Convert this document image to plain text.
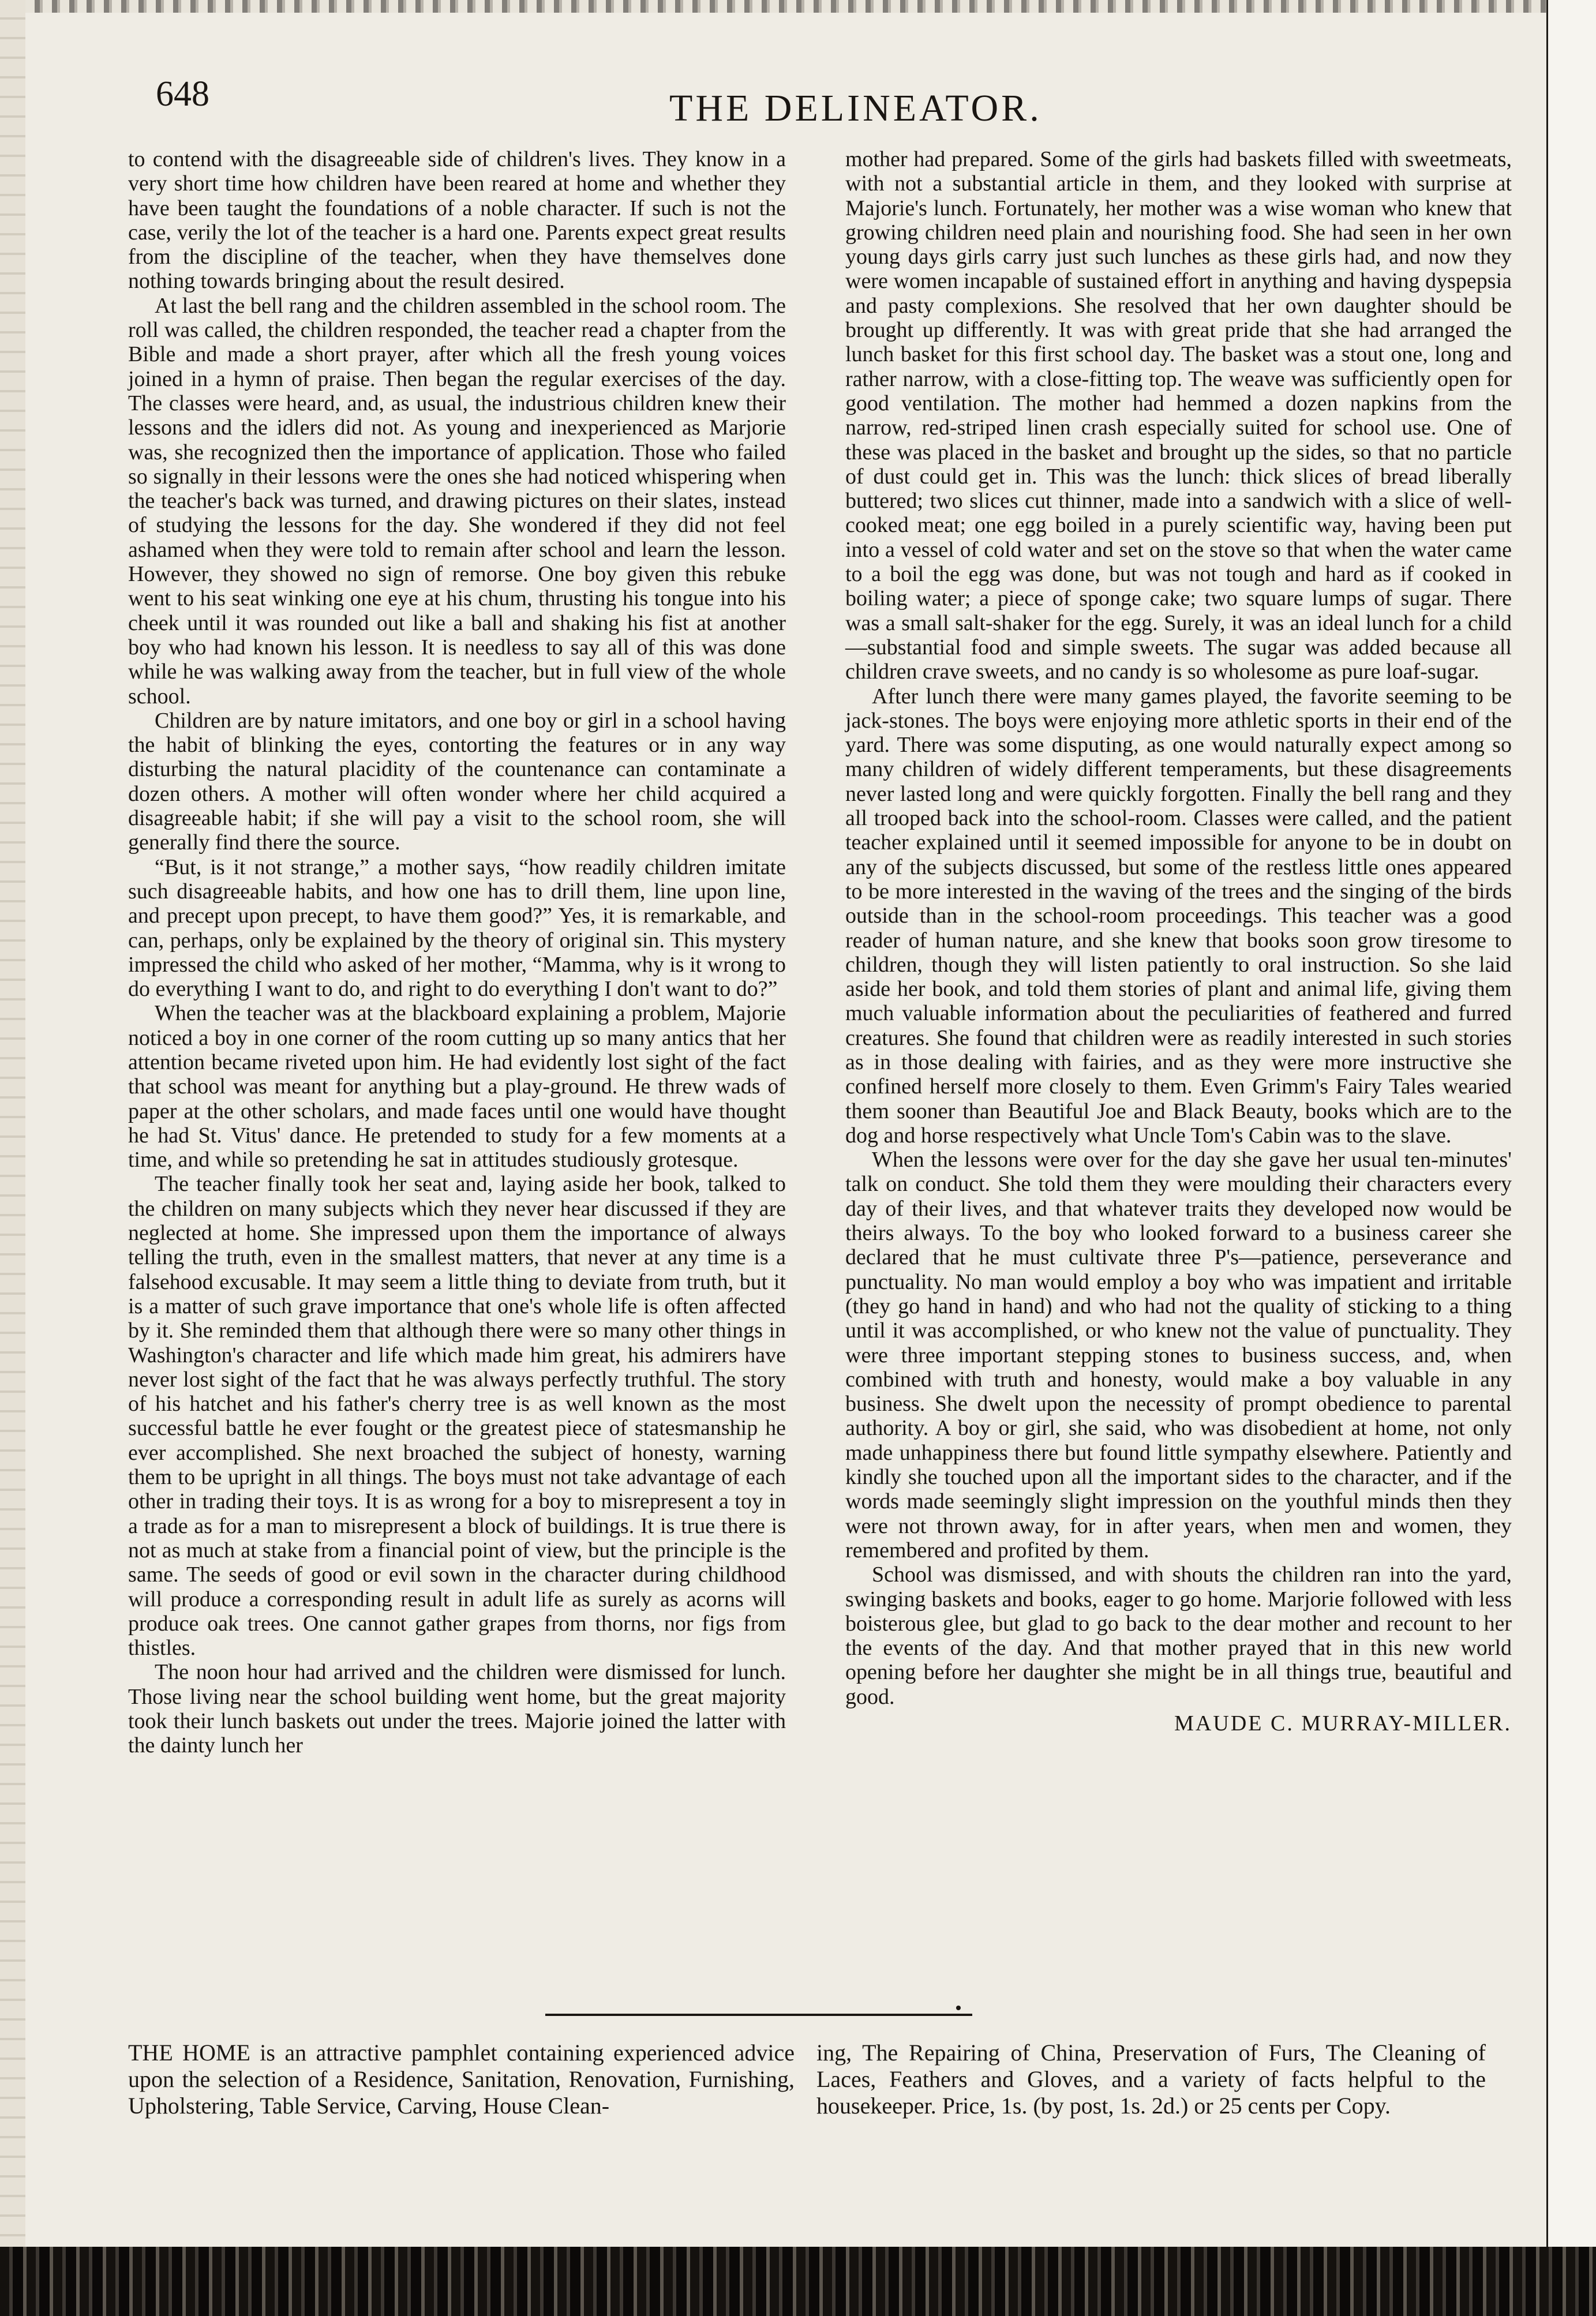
648	THE DELINEATOR.

to contend with the disagreeable side of children's lives. They know in a very short time how children have been reared at home and whether they have been taught the foundations of a noble character. If such is not the case, verily the lot of the teacher is a hard one. Parents expect great results from the discipline of the teacher, when they have themselves done nothing towards bringing about the result desired.

At last the bell rang and the children assembled in the school room. The roll was called, the children responded, the teacher read a chapter from the Bible and made a short prayer, after which all the fresh young voices joined in a hymn of praise. Then began the regular exercises of the day. The classes were heard, and, as usual, the industrious children knew their lessons and the idlers did not. As young and inexperienced as Marjorie was, she recognized then the importance of application. Those who failed so signally in their lessons were the ones she had noticed whispering when the teacher's back was turned, and drawing pictures on their slates, instead of studying the lessons for the day. She wondered if they did not feel ashamed when they were told to remain after school and learn the lesson. However, they showed no sign of remorse. One boy given this rebuke went to his seat winking one eye at his chum, thrusting his tongue into his cheek until it was rounded out like a ball and shaking his fist at another boy who had known his lesson. It is needless to say all of this was done while he was walking away from the teacher, but in full view of the whole school.

Children are by nature imitators, and one boy or girl in a school having the habit of blinking the eyes, contorting the features or in any way disturbing the natural placidity of the countenance can contaminate a dozen others. A mother will often wonder where her child acquired a disagreeable habit; if she will pay a visit to the school room, she will generally find there the source.

“But, is it not strange,” a mother says, “how readily children imitate such disagreeable habits, and how one has to drill them, line upon line, and precept upon precept, to have them good?” Yes, it is remarkable, and can, perhaps, only be explained by the theory of original sin. This mystery impressed the child who asked of her mother, “Mamma, why is it wrong to do everything I want to do, and right to do everything I don't want to do?”

When the teacher was at the blackboard explaining a problem, Majorie noticed a boy in one corner of the room cutting up so many antics that her attention became riveted upon him. He had evidently lost sight of the fact that school was meant for anything but a play-ground. He threw wads of paper at the other scholars, and made faces until one would have thought he had St. Vitus' dance. He pretended to study for a few moments at a time, and while so pretending he sat in attitudes studiously grotesque.

The teacher finally took her seat and, laying aside her book, talked to the children on many subjects which they never hear discussed if they are neglected at home. She impressed upon them the importance of always telling the truth, even in the smallest matters, that never at any time is a falsehood excusable. It may seem a little thing to deviate from truth, but it is a matter of such grave importance that one's whole life is often affected by it. She reminded them that although there were so many other things in Washington's character and life which made him great, his admirers have never lost sight of the fact that he was always perfectly truthful. The story of his hatchet and his father's cherry tree is as well known as the most successful battle he ever fought or the greatest piece of statesmanship he ever accomplished. She next broached the subject of honesty, warning them to be upright in all things. The boys must not take advantage of each other in trading their toys. It is as wrong for a boy to misrepresent a toy in a trade as for a man to misrepresent a block of buildings. It is true there is not as much at stake from a financial point of view, but the principle is the same. The seeds of good or evil sown in the character during childhood will produce a corresponding result in adult life as surely as acorns will produce oak trees. One cannot gather grapes from thorns, nor figs from thistles.

The noon hour had arrived and the children were dismissed for lunch. Those living near the school building went home, but the great majority took their lunch baskets out under the trees. Majorie joined the latter with the dainty lunch her

mother had prepared. Some of the girls had baskets filled with sweetmeats, with not a substantial article in them, and they looked with surprise at Majorie's lunch. Fortunately, her mother was a wise woman who knew that growing children need plain and nourishing food. She had seen in her own young days girls carry just such lunches as these girls had, and now they were women incapable of sustained effort in anything and having dyspepsia and pasty complexions. She resolved that her own daughter should be brought up differently. It was with great pride that she had arranged the lunch basket for this first school day. The basket was a stout one, long and rather narrow, with a close-fitting top. The weave was sufficiently open for good ventilation. The mother had hemmed a dozen napkins from the narrow, red-striped linen crash especially suited for school use. One of these was placed in the basket and brought up the sides, so that no particle of dust could get in. This was the lunch: thick slices of bread liberally buttered; two slices cut thinner, made into a sandwich with a slice of well-cooked meat; one egg boiled in a purely scientific way, having been put into a vessel of cold water and set on the stove so that when the water came to a boil the egg was done, but was not tough and hard as if cooked in boiling water; a piece of sponge cake; two square lumps of sugar. There was a small salt-shaker for the egg. Surely, it was an ideal lunch for a child—substantial food and simple sweets. The sugar was added because all children crave sweets, and no candy is so wholesome as pure loaf-sugar.

After lunch there were many games played, the favorite seeming to be jack-stones. The boys were enjoying more athletic sports in their end of the yard. There was some disputing, as one would naturally expect among so many children of widely different temperaments, but these disagreements never lasted long and were quickly forgotten. Finally the bell rang and they all trooped back into the school-room. Classes were called, and the patient teacher explained until it seemed impossible for anyone to be in doubt on any of the subjects discussed, but some of the restless little ones appeared to be more interested in the waving of the trees and the singing of the birds outside than in the school-room proceedings. This teacher was a good reader of human nature, and she knew that books soon grow tiresome to children, though they will listen patiently to oral instruction. So she laid aside her book, and told them stories of plant and animal life, giving them much valuable information about the peculiarities of feathered and furred creatures. She found that children were as readily interested in such stories as in those dealing with fairies, and as they were more instructive she confined herself more closely to them. Even Grimm's Fairy Tales wearied them sooner than Beautiful Joe and Black Beauty, books which are to the dog and horse respectively what Uncle Tom's Cabin was to the slave.

When the lessons were over for the day she gave her usual ten-minutes' talk on conduct. She told them they were moulding their characters every day of their lives, and that whatever traits they developed now would be theirs always. To the boy who looked forward to a business career she declared that he must cultivate three P's—patience, perseverance and punctuality. No man would employ a boy who was impatient and irritable (they go hand in hand) and who had not the quality of sticking to a thing until it was accomplished, or who knew not the value of punctuality. They were three important stepping stones to business success, and, when combined with truth and honesty, would make a boy valuable in any business. She dwelt upon the necessity of prompt obedience to parental authority. A boy or girl, she said, who was disobedient at home, not only made unhappiness there but found little sympathy elsewhere. Patiently and kindly she touched upon all the important sides to the character, and if the words made seemingly slight impression on the youthful minds then they were not thrown away, for in after years, when men and women, they remembered and profited by them.

School was dismissed, and with shouts the children ran into the yard, swinging baskets and books, eager to go home. Marjorie followed with less boisterous glee, but glad to go back to the dear mother and recount to her the events of the day. And that mother prayed that in this new world opening before her daughter she might be in all things true, beautiful and good.

MAUDE C. MURRAY-MILLER.

THE HOME is an attractive pamphlet containing experienced advice upon the selection of a Residence, Sanitation, Renovation, Furnishing, Upholstering, Table Service, Carving, House Clean-

ing, The Repairing of China, Preservation of Furs, The Cleaning of Laces, Feathers and Gloves, and a variety of facts helpful to the housekeeper. Price, 1s. (by post, 1s. 2d.) or 25 cents per Copy.
